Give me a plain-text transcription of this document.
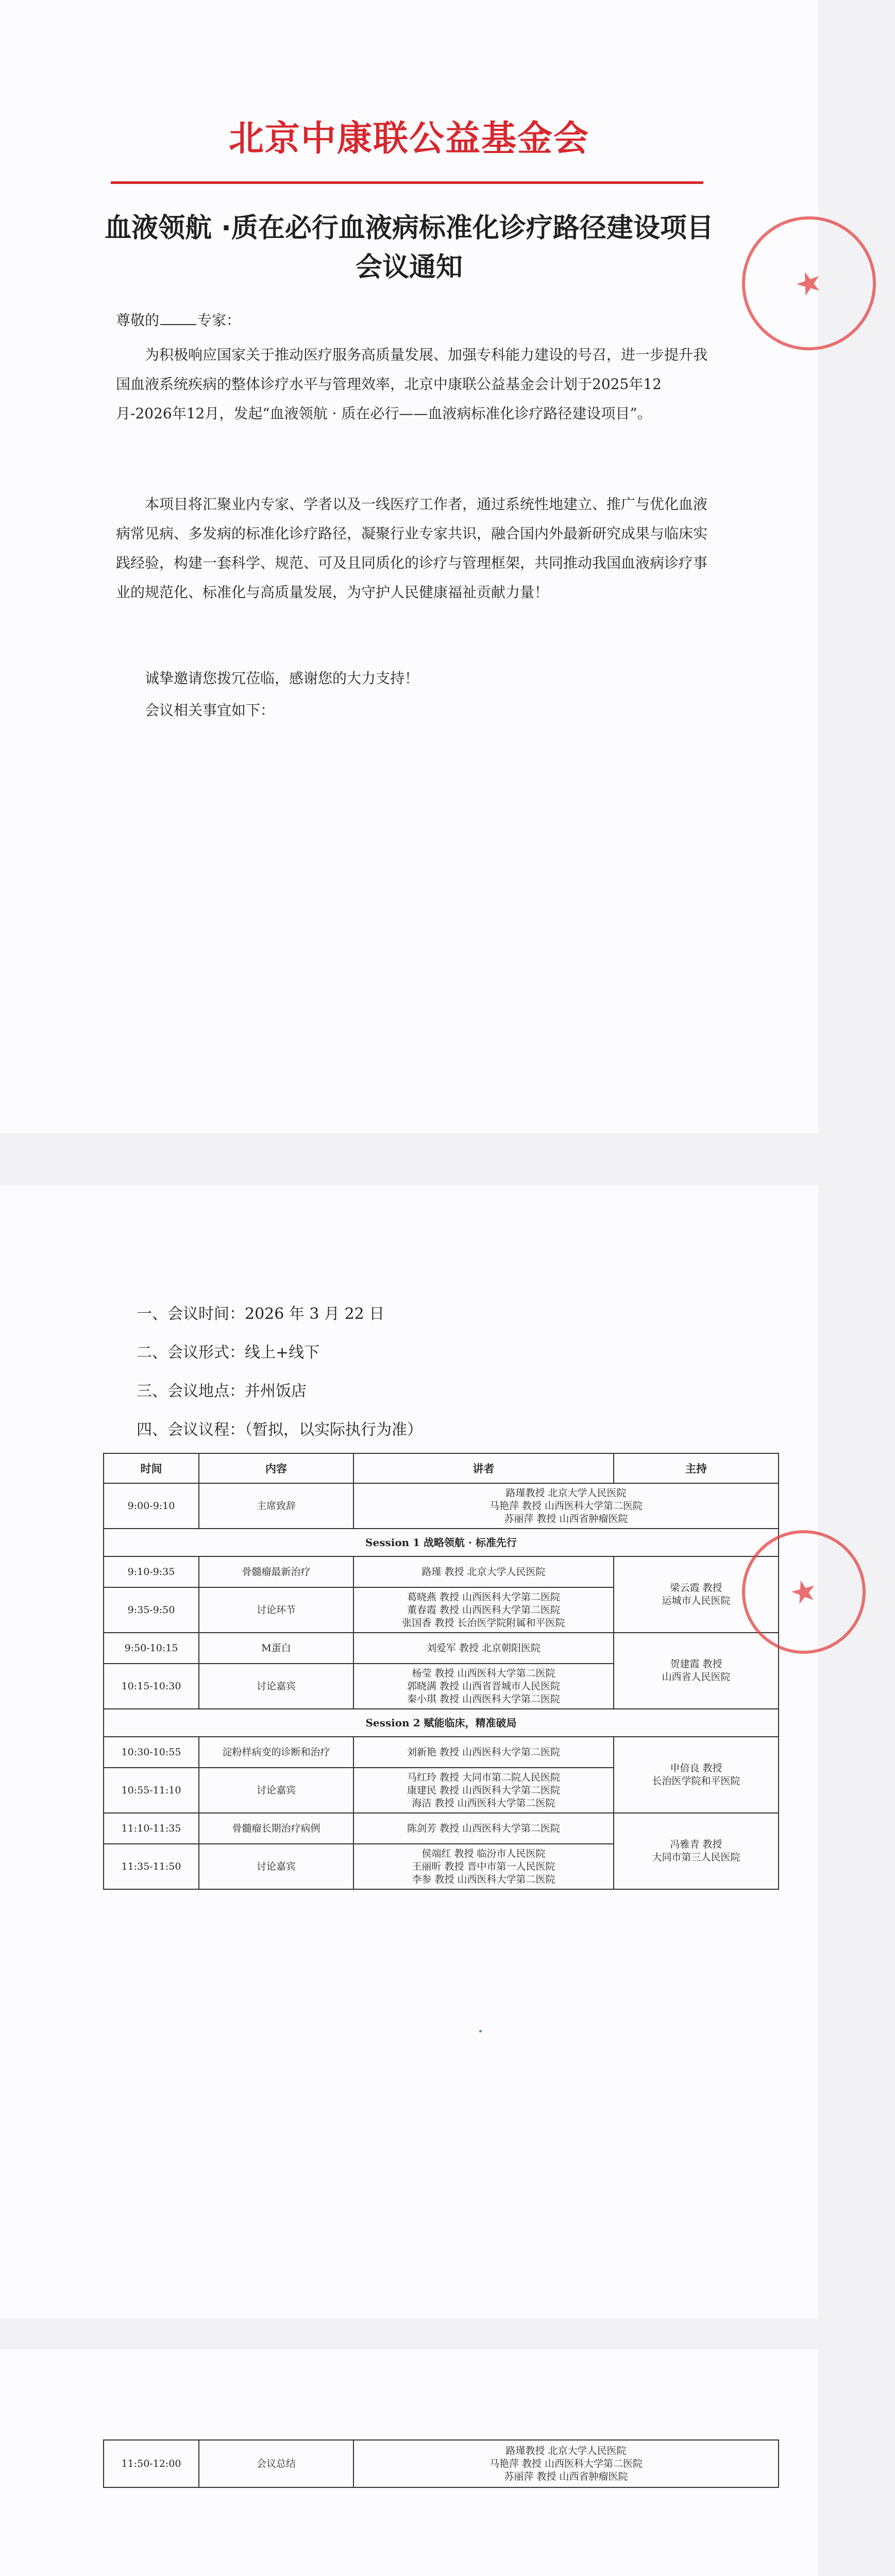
北京中康联公益基金会
血液领航 ·质在必行血液病标准化诊疗路径建设项目
会议通知
尊敬的	专家：

为积极响应国家关于推动医疗服务高质量发展、加强专科能力建设的号召，进一步提升我国血液系统疾病的整体诊疗水平与管理效率，北京中康联公益基金会计划于2025年12月-2026年12月，发起“血液领航 · 质在必行——血液病标准化诊疗路径建设项目”。

本项目将汇聚业内专家、学者以及一线医疗工作者，通过系统性地建立、推广与优化血液病常见病、多发病的标准化诊疗路径，凝聚行业专家共识，融合国内外最新研究成果与临床实践经验，构建一套科学、规范、可及且同质化的诊疗与管理框架，共同推动我国血液病诊疗事业的规范化、标准化与高质量发展，为守护人民健康福祉贡献力量！

诚挚邀请您拨冗莅临，感谢您的大力支持！

会议相关事宜如下：

★
一、会议时间：2026 年 3 月 22 日
二、会议形式：线上+线下
三、会议地点：并州饭店
四、会议议程：（暂拟，以实际执行为准）
时间	内容	讲者	主持
9:00-9:10	主席致辞	路瑾教授 北京大学人民医院
马艳萍 教授 山西医科大学第二医院
苏丽萍 教授 山西省肿瘤医院	

Session 1 战略领航 · 标准先行			
9:10-9:35	骨髓瘤最新治疗	路瑾 教授 北京大学人民医院	梁云霞 教授
运城市人民医院

9:35-9:50	讨论环节	葛晓燕 教授 山西医科大学第二医院
董春霞 教授 山西医科大学第二医院
张国香 教授 长治医学院附属和平医院	

9:50-10:15	M蛋白	刘爱军 教授 北京朝阳医院	贺建霞 教授
山西省人民医院

10:15-10:30	讨论嘉宾	杨莹 教授 山西医科大学第二医院
郭晓满 教授 山西省晋城市人民医院
秦小琪 教授 山西医科大学第二医院	

Session 2 赋能临床，精准破局			
10:30-10:55	淀粉样病变的诊断和治疗	刘新艳 教授 山西医科大学第二医院	申倍良 教授
长治医学院和平医院

10:55-11:10	讨论嘉宾	马红玲 教授 大同市第二院人民医院
康建民 教授 山西医科大学第二医院
海洁 教授 山西医科大学第二医院	

11:10-11:35	骨髓瘤长期治疗病例	陈剑芳 教授 山西医科大学第二医院	冯雅青 教授
大同市第三人民医院

11:35-11:50	讨论嘉宾	侯端红 教授 临汾市人民医院
王丽昕 教授 晋中市第一人民医院
李参 教授 山西医科大学第二医院	
★
11:50-12:00	会议总结	
路瑾教授 北京大学人民医院
马艳萍 教授 山西医科大学第二医院
苏丽萍 教授 山西省肿瘤医院
